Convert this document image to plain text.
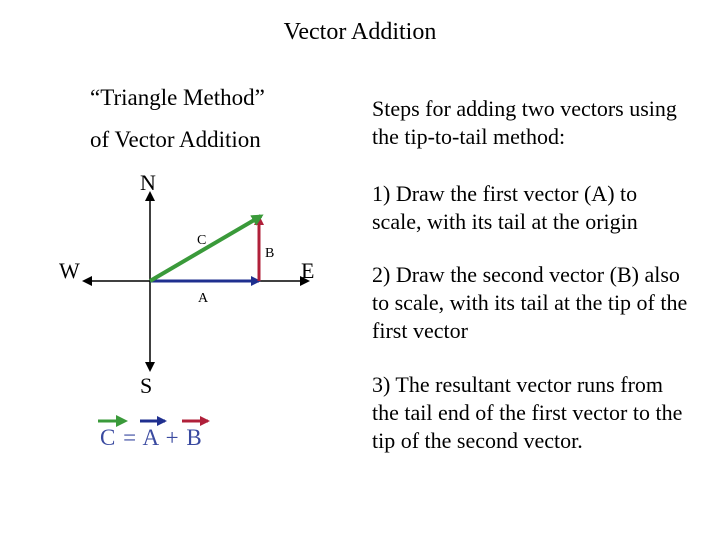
Vector Addition
“Triangle Method”
of Vector Addition
N
S
W	E
C
B
A
C = A + B
Steps for adding two vectors using the tip-to-tail method:
1) Draw the first vector (A) to scale, with its tail at the origin
2) Draw the second vector (B) also to scale, with its tail at the tip of the first vector
3) The resultant vector runs from the tail end of the first vector to the tip of the second vector.
